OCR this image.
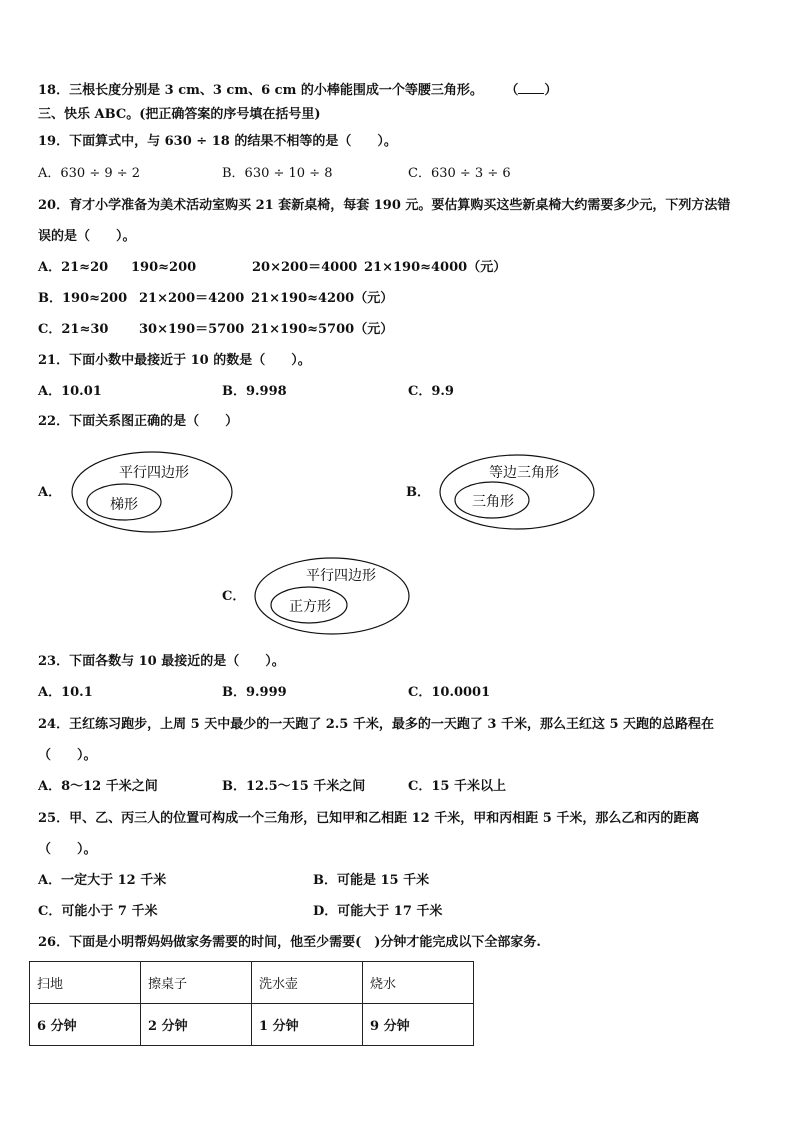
18．三根长度分别是 3 cm、3 cm、6 cm 的小棒能围成一个等腰三角形。 （ ）
三、快乐 ABC。(把正确答案的序号填在括号里)
19．下面算式中，与 630 ÷ 18 的结果不相等的是（　　）。
A．630 ÷ 9 ÷ 2	B．630 ÷ 10 ÷ 8	C．630 ÷ 3 ÷ 6
20．育才小学准备为美术活动室购买 21 套新桌椅，每套 190 元。要估算购买这些新桌椅大约需要多少元，下列方法错
误的是（　　）。
A．21≈20 190≈200	20×200＝4000 21×190≈4000（元）
B．190≈200 21×200＝4200 21×190≈4200（元）
C．21≈30 30×190＝5700 21×190≈5700（元）
21．下面小数中最接近于 10 的数是（　　）。
A．10.01	B．9.998	C．9.9
22．下面关系图正确的是（　　）
A．
平行四边形
梯形
B．
等边三角形
三角形
C．
平行四边形
正方形
23．下面各数与 10 最接近的是（　　）。
A．10.1	B．9.999	C．10.0001
24．王红练习跑步，上周 5 天中最少的一天跑了 2.5 千米，最多的一天跑了 3 千米，那么王红这 5 天跑的总路程在
（　　）。
A．8～12 千米之间	B．12.5～15 千米之间	C．15 千米以上
25．甲、乙、丙三人的位置可构成一个三角形，已知甲和乙相距 12 千米，甲和丙相距 5 千米，那么乙和丙的距离
（　　）。
A．一定大于 12 千米	B．可能是 15 千米
C．可能小于 7 千米	D．可能大于 17 千米
26．下面是小明帮妈妈做家务需要的时间，他至少需要(　)分钟才能完成以下全部家务.
扫地	擦桌子	洗水壶	烧水
6 分钟	2 分钟	1 分钟	9 分钟
